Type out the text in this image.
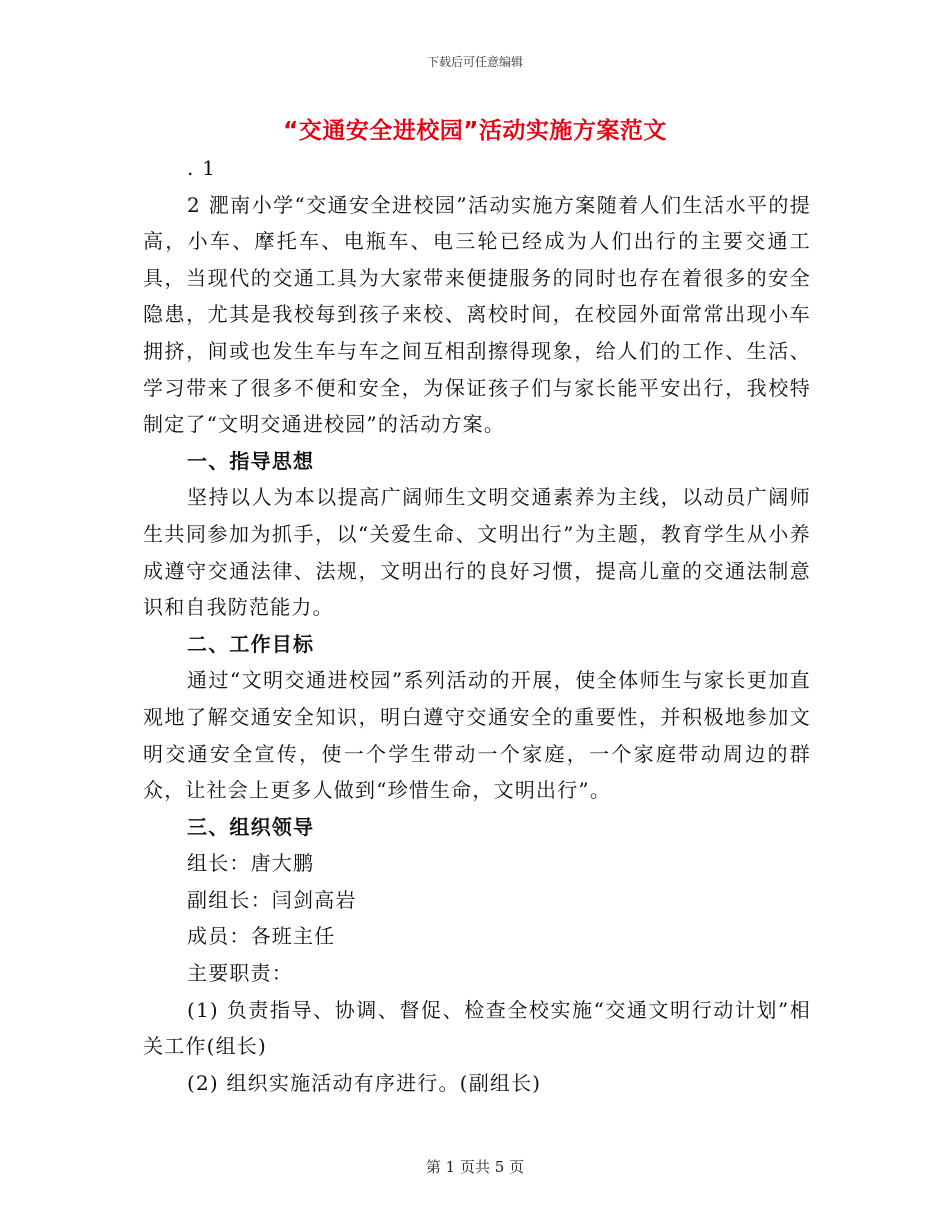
下载后可任意编辑
“交通安全进校园”活动实施方案范文

. 1

2 淝南小学“交通安全进校园”活动实施方案随着人们生活水平的提高，小车、摩托车、电瓶车、电三轮已经成为人们出行的主要交通工具，当现代的交通工具为大家带来便捷服务的同时也存在着很多的安全隐患，尤其是我校每到孩子来校、离校时间，在校园外面常常出现小车拥挤，间或也发生车与车之间互相刮擦得现象，给人们的工作、生活、学习带来了很多不便和安全，为保证孩子们与家长能平安出行，我校特制定了“文明交通进校园”的活动方案。

一、指导思想

坚持以人为本以提高广阔师生文明交通素养为主线，以动员广阔师生共同参加为抓手，以“关爱生命、文明出行”为主题，教育学生从小养成遵守交通法律、法规，文明出行的良好习惯，提高儿童的交通法制意识和自我防范能力。

二、工作目标

通过“文明交通进校园”系列活动的开展，使全体师生与家长更加直观地了解交通安全知识，明白遵守交通安全的重要性，并积极地参加文明交通安全宣传，使一个学生带动一个家庭，一个家庭带动周边的群众，让社会上更多人做到“珍惜生命，文明出行”。

三、组织领导

组长：唐大鹏

副组长：闫剑高岩

成员：各班主任

主要职责：

(1) 负责指导、协调、督促、检查全校实施“交通文明行动计划”相关工作(组长)

(2) 组织实施活动有序进行。(副组长)

第 1 页共 5 页
